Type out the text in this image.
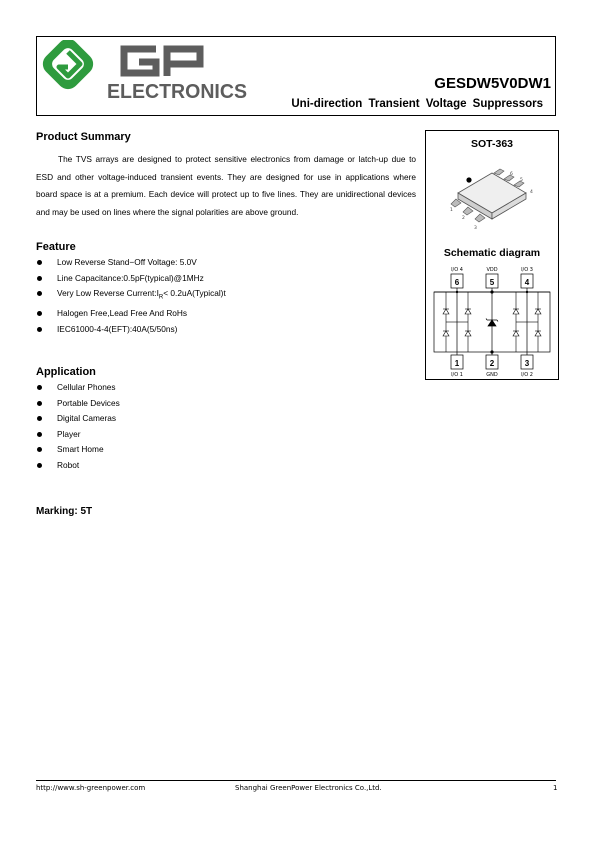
ELECTRONICS	GESDW5V0DW1
Uni-direction Transient Voltage Suppressors
Product Summary

The TVS arrays are designed to protect sensitive electronics from damage or latch-up due to ESD and other voltage-induced transient events. They are designed for use in applications where board space is at a premium. Each device will protect up to five lines. They are unidirectional devices and may be used on lines where the signal polarities are above ground.

Feature
Low Reverse Stand−Off Voltage: 5.0V
Line Capacitance:0.5pF(typical)@1MHz
Very Low Reverse $Current:I_R<$ 0.2uA(Typical)t
Halogen Free,Lead Free And RoHs
IEC61000-4-4(EFT):40A(5/50ns)
Application
Cellular Phones
Portable Devices
Digital Cameras
Player
Smart Home
Robot
Marking: 5T
SOT-363
1
2
3
4
5
6
Schematic diagram
I/O 4	VDD	I/O 3
I/O 1	GND	I/O 2
6	5	4
1	2	3
http://www.sh-greenpower.com	Shanghai GreenPower Electronics Co.,Ltd.	1
